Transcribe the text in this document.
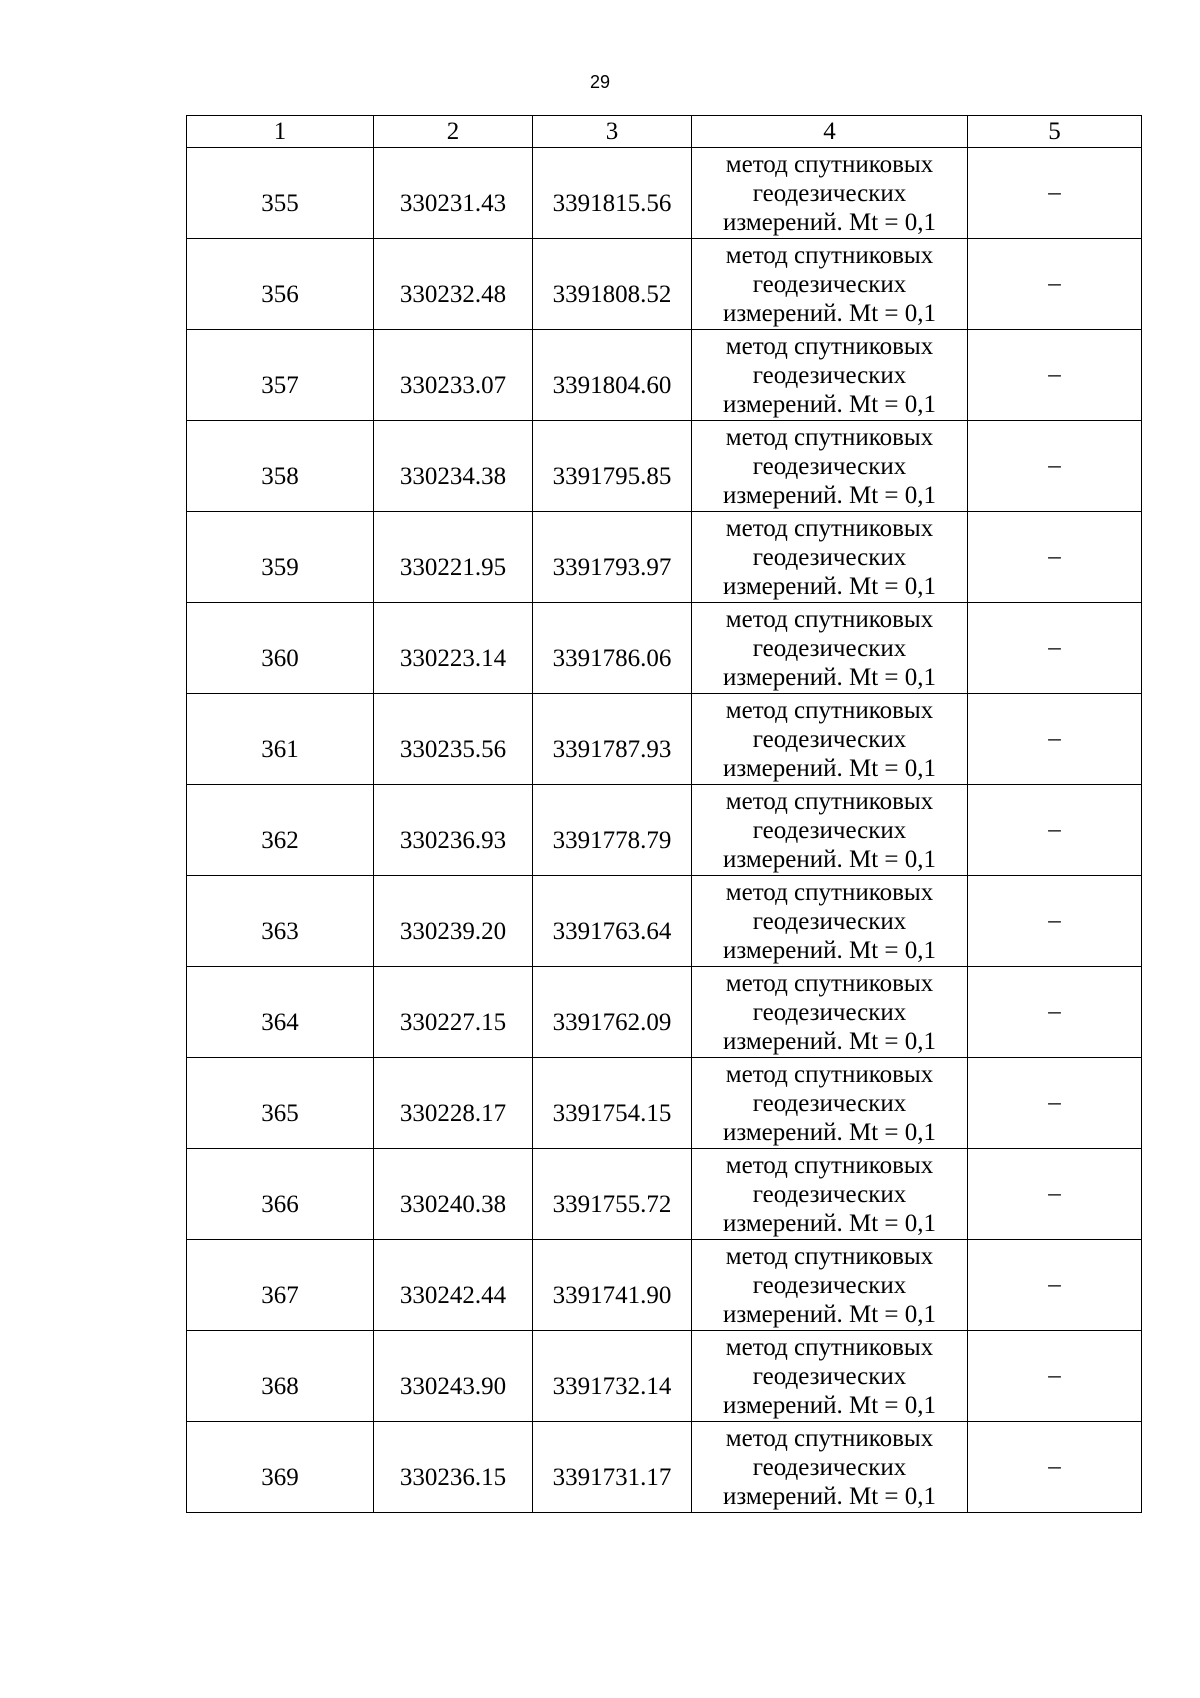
29
1	2	3	4	5
355	330231.43	3391815.56	метод спутниковых
геодезических
измерений. Mt = 0,1	–
356	330232.48	3391808.52	метод спутниковых
геодезических
измерений. Mt = 0,1	–
357	330233.07	3391804.60	метод спутниковых
геодезических
измерений. Mt = 0,1	–
358	330234.38	3391795.85	метод спутниковых
геодезических
измерений. Mt = 0,1	–
359	330221.95	3391793.97	метод спутниковых
геодезических
измерений. Mt = 0,1	–
360	330223.14	3391786.06	метод спутниковых
геодезических
измерений. Mt = 0,1	–
361	330235.56	3391787.93	метод спутниковых
геодезических
измерений. Mt = 0,1	–
362	330236.93	3391778.79	метод спутниковых
геодезических
измерений. Mt = 0,1	–
363	330239.20	3391763.64	метод спутниковых
геодезических
измерений. Mt = 0,1	–
364	330227.15	3391762.09	метод спутниковых
геодезических
измерений. Mt = 0,1	–
365	330228.17	3391754.15	метод спутниковых
геодезических
измерений. Mt = 0,1	–
366	330240.38	3391755.72	метод спутниковых
геодезических
измерений. Mt = 0,1	–
367	330242.44	3391741.90	метод спутниковых
геодезических
измерений. Mt = 0,1	–
368	330243.90	3391732.14	метод спутниковых
геодезических
измерений. Mt = 0,1	–
369	330236.15	3391731.17	метод спутниковых
геодезических
измерений. Mt = 0,1	–
